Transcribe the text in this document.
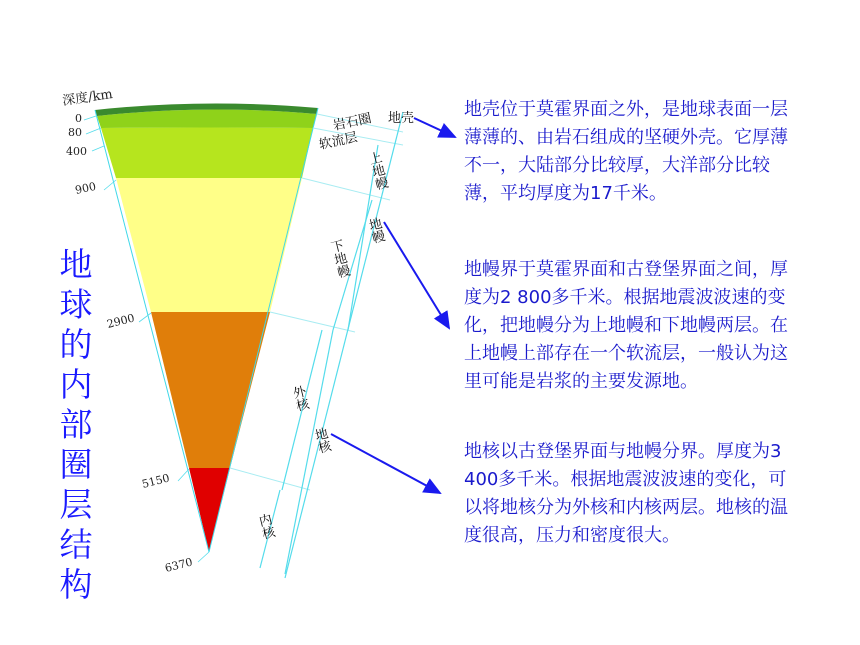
深度/km
0
80
400
900
2900
5150
6370
地壳
岩石圈
软流层
上地幔
地幔
下地幔
外核
地核
内核
地
球
的
内
部
圈
层
结
构

地壳位于莫霍界面之外，是地球表面一层薄薄的、由岩石组成的坚硬外壳。它厚薄不一，大陆部分比较厚，大洋部分比较薄，平均厚度为17千米。

地幔界于莫霍界面和古登堡界面之间，厚度为2 800多千米。根据地震波波速的变化，把地幔分为上地幔和下地幔两层。在上地幔上部存在一个软流层，一般认为这里可能是岩浆的主要发源地。

地核以古登堡界面与地幔分界。厚度为3 400多千米。根据地震波波速的变化，可以将地核分为外核和内核两层。地核的温度很高，压力和密度很大。
